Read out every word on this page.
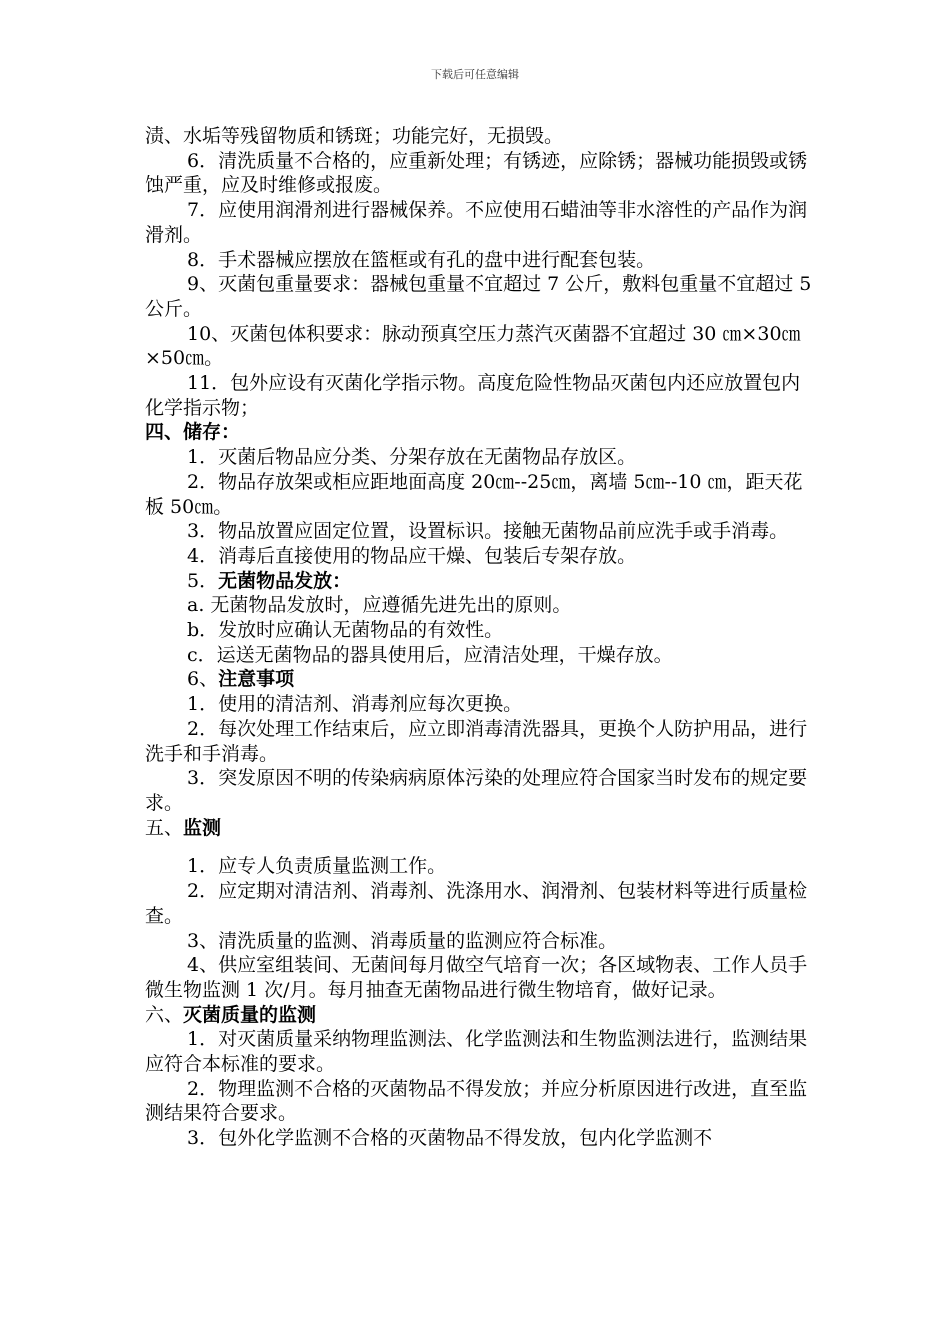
下载后可任意编辑

渍、水垢等残留物质和锈斑；功能完好，无损毁。

6．清洗质量不合格的，应重新处理；有锈迹，应除锈；器械功能损毁或锈蚀严重，应及时维修或报废。

7．应使用润滑剂进行器械保养。不应使用石蜡油等非水溶性的产品作为润滑剂。

8．手术器械应摆放在篮框或有孔的盘中进行配套包装。

9、灭菌包重量要求：器械包重量不宜超过 7 公斤，敷料包重量不宜超过 5 公斤。

10、灭菌包体积要求：脉动预真空压力蒸汽灭菌器不宜超过 30 ㎝×30㎝×50㎝。

11．包外应设有灭菌化学指示物。高度危险性物品灭菌包内还应放置包内化学指示物；

四、储存：

1．灭菌后物品应分类、分架存放在无菌物品存放区。

2．物品存放架或柜应距地面高度 20㎝--25㎝，离墙 5㎝--10 ㎝，距天花板 50㎝。

3．物品放置应固定位置，设置标识。接触无菌物品前应洗手或手消毒。

4．消毒后直接使用的物品应干燥、包装后专架存放。

5．无菌物品发放：

a. 无菌物品发放时，应遵循先进先出的原则。

b．发放时应确认无菌物品的有效性。

c．运送无菌物品的器具使用后，应清洁处理，干燥存放。

6、注意事项

1．使用的清洁剂、消毒剂应每次更换。

2．每次处理工作结束后，应立即消毒清洗器具，更换个人防护用品，进行洗手和手消毒。

3．突发原因不明的传染病病原体污染的处理应符合国家当时发布的规定要求。

五、监测

1．应专人负责质量监测工作。

2．应定期对清洁剂、消毒剂、洗涤用水、润滑剂、包装材料等进行质量检查。

3、清洗质量的监测、消毒质量的监测应符合标准。

4、供应室组装间、无菌间每月做空气培育一次；各区域物表、工作人员手微生物监测 1 次/月。每月抽查无菌物品进行微生物培育，做好记录。

六、灭菌质量的监测

1．对灭菌质量采纳物理监测法、化学监测法和生物监测法进行，监测结果应符合本标准的要求。

2．物理监测不合格的灭菌物品不得发放；并应分析原因进行改进，直至监测结果符合要求。

3．包外化学监测不合格的灭菌物品不得发放，包内化学监测不
